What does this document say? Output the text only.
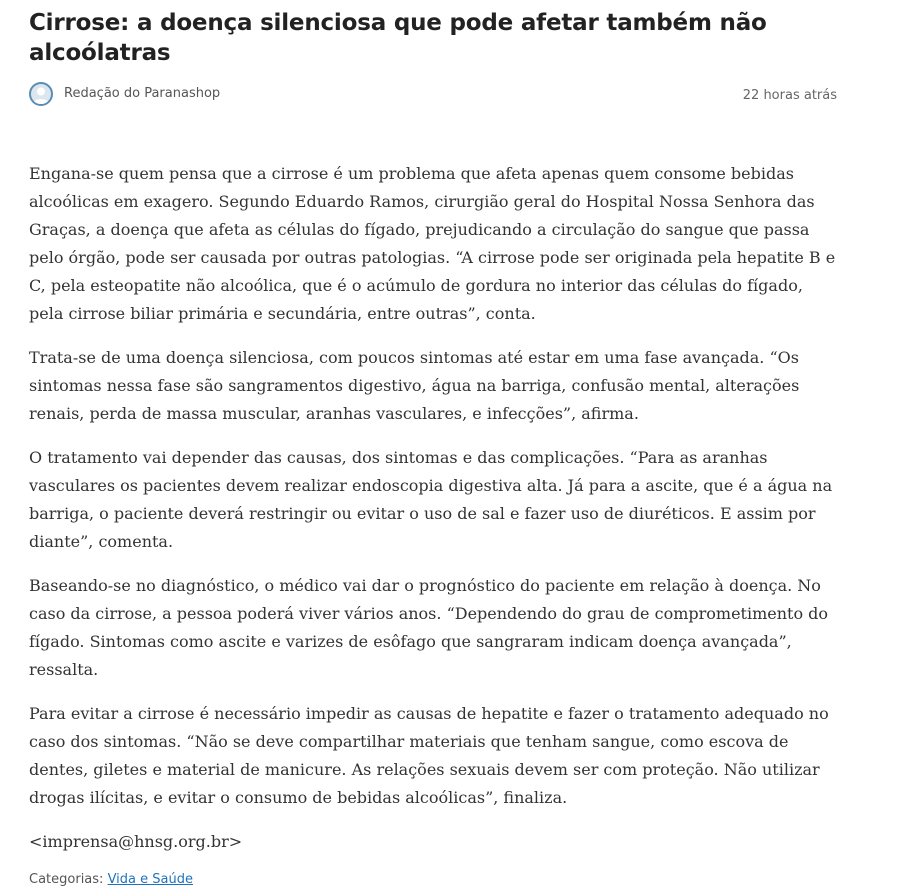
Cirrose: a doença silenciosa que pode afetar também não alcoólatras
Redação do Paranashop	22 horas atrás

Engana-se quem pensa que a cirrose é um problema que afeta apenas quem consome bebidas alcoólicas em exagero. Segundo Eduardo Ramos, cirurgião geral do Hospital Nossa Senhora das Graças, a doença que afeta as células do fígado, prejudicando a circulação do sangue que passa pelo órgão, pode ser causada por outras patologias. “A cirrose pode ser originada pela hepatite B e C, pela esteopatite não alcoólica, que é o acúmulo de gordura no interior das células do fígado, pela cirrose biliar primária e secundária, entre outras”, conta.

Trata-se de uma doença silenciosa, com poucos sintomas até estar em uma fase avançada. “Os sintomas nessa fase são sangramentos digestivo, água na barriga, confusão mental, alterações renais, perda de massa muscular, aranhas vasculares, e infecções”, afirma.

O tratamento vai depender das causas, dos sintomas e das complicações. “Para as aranhas vasculares os pacientes devem realizar endoscopia digestiva alta. Já para a ascite, que é a água na barriga, o paciente deverá restringir ou evitar o uso de sal e fazer uso de diuréticos. E assim por diante”, comenta.

Baseando-se no diagnóstico, o médico vai dar o prognóstico do paciente em relação à doença. No caso da cirrose, a pessoa poderá viver vários anos. “Dependendo do grau de comprometimento do fígado. Sintomas como ascite e varizes de esôfago que sangraram indicam doença avançada”, ressalta.

Para evitar a cirrose é necessário impedir as causas de hepatite e fazer o tratamento adequado no caso dos sintomas. “Não se deve compartilhar materiais que tenham sangue, como escova de dentes, giletes e material de manicure. As relações sexuais devem ser com proteção. Não utilizar drogas ilícitas, e evitar o consumo de bebidas alcoólicas”, finaliza.

<imprensa@hnsg.org.br>

Categorias: Vida e Saúde
